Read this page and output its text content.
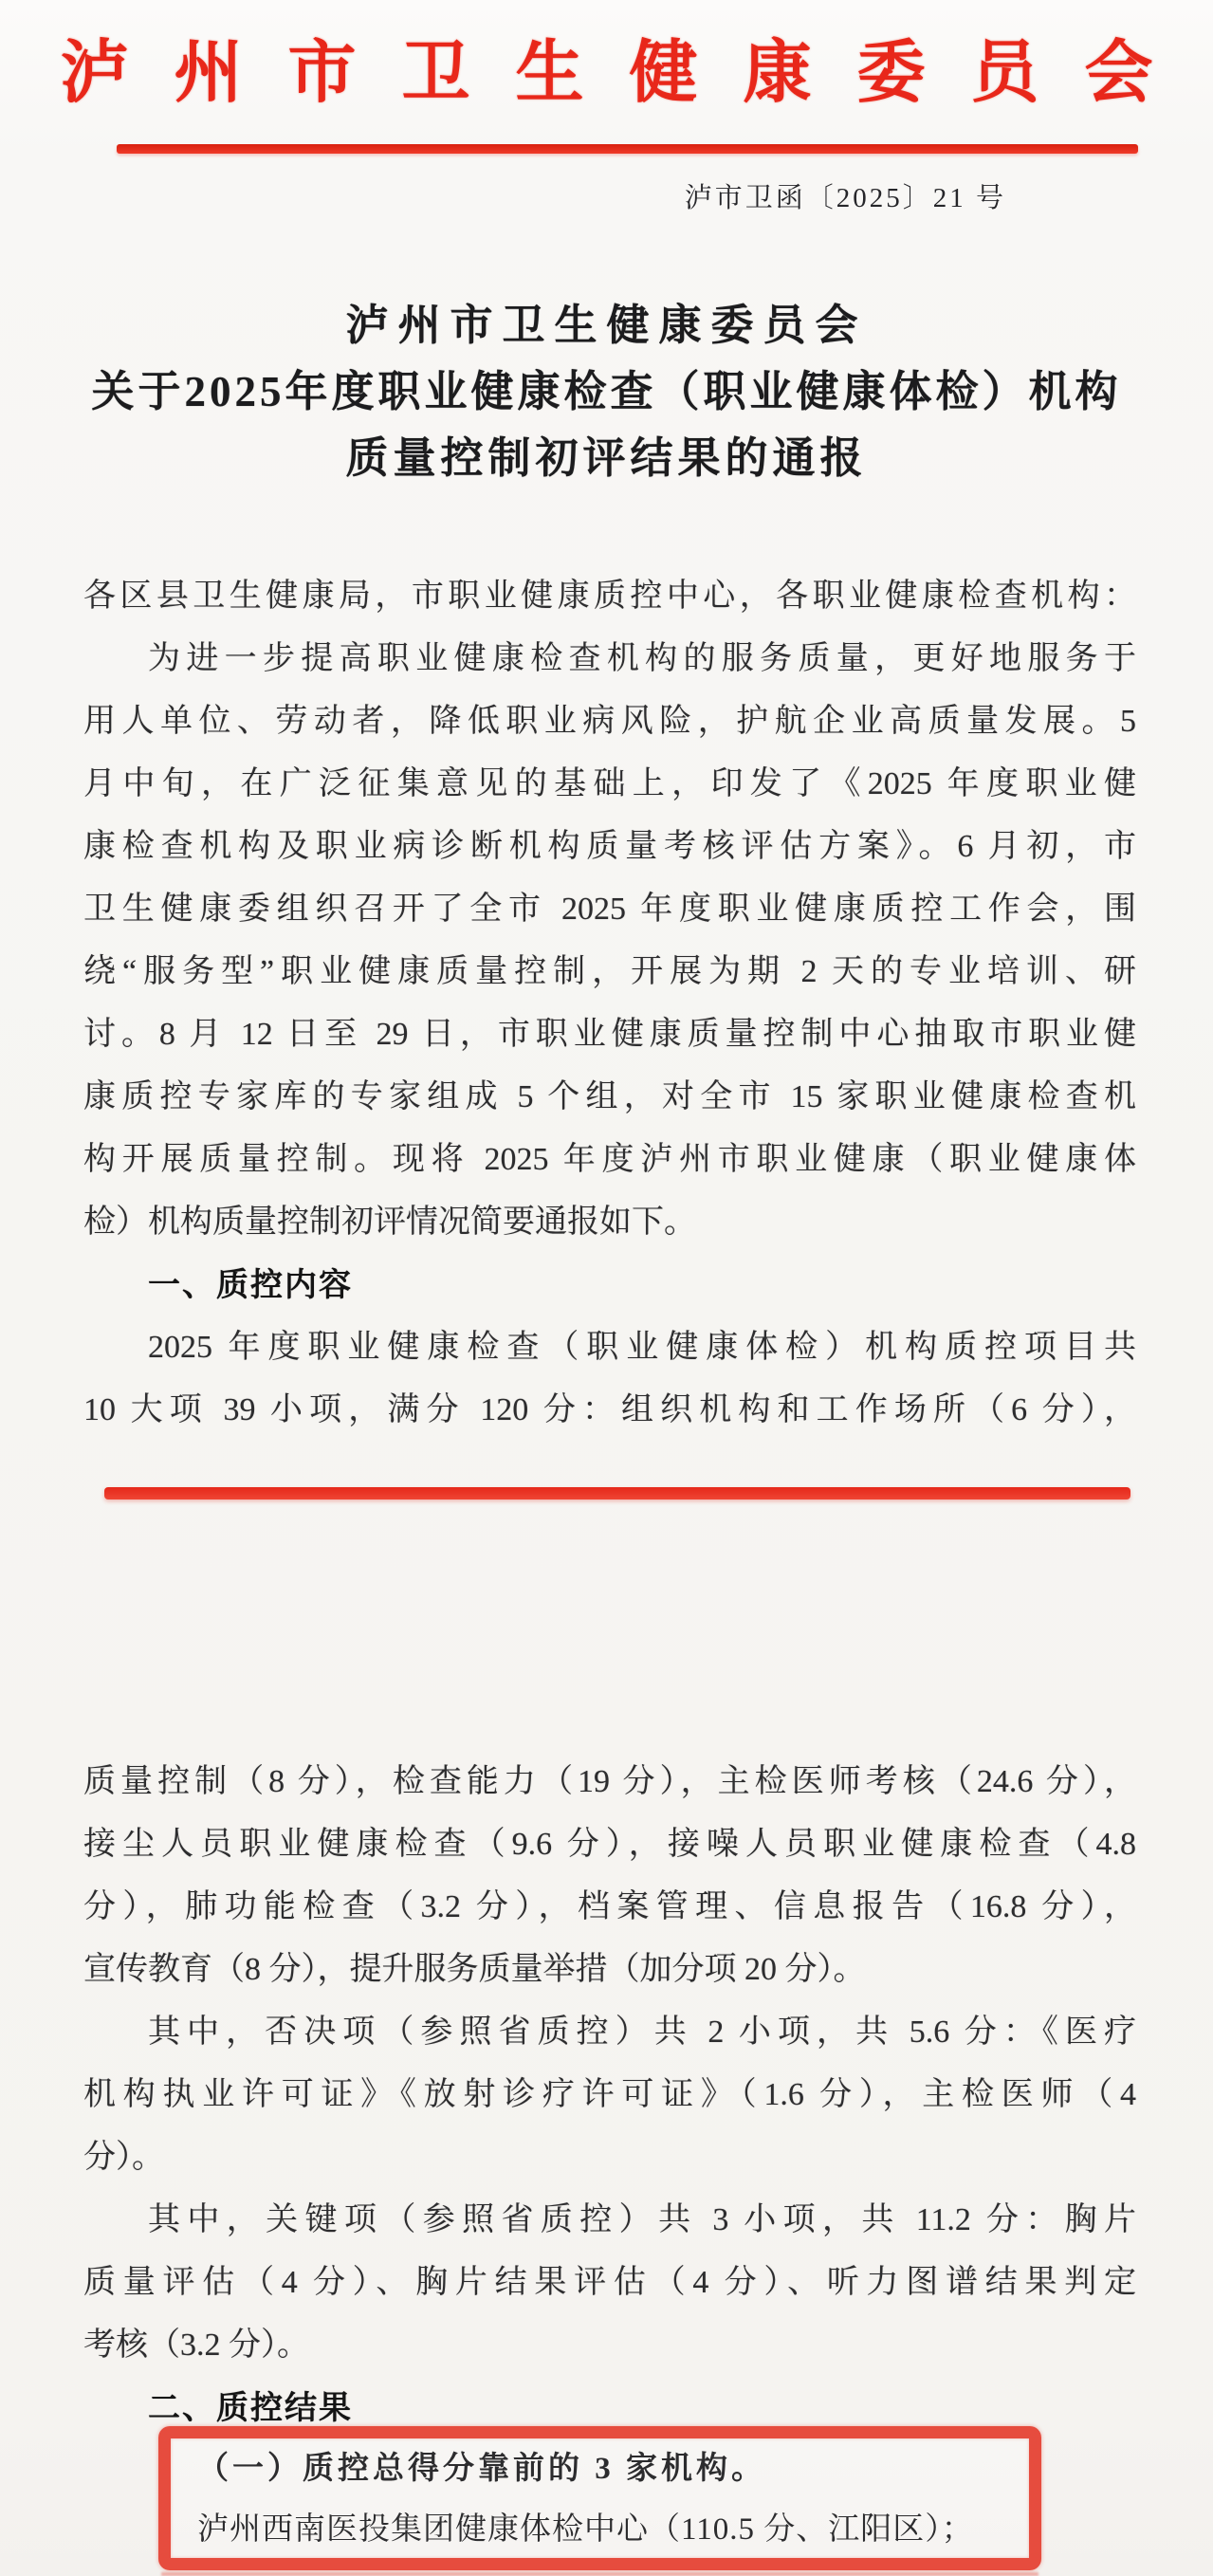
泸州市卫生健康委员会
泸市卫函〔2025〕21 号
泸州市卫生健康委员会
关于2025年度职业健康检查（职业健康体检）机构
质量控制初评结果的通报
各区县卫生健康局，市职业健康质控中心，各职业健康检查机构：
为进一步提高职业健康检查机构的服务质量，更好地服务于
用人单位、劳动者，降低职业病风险，护航企业高质量发展。5
月中旬，在广泛征集意见的基础上，印发了《2025 年度职业健
康检查机构及职业病诊断机构质量考核评估方案》。6 月初，市
卫生健康委组织召开了全市 2025 年度职业健康质控工作会，围
绕“服务型”职业健康质量控制，开展为期 2 天的专业培训、研
讨。8 月 12 日至 29 日，市职业健康质量控制中心抽取市职业健
康质控专家库的专家组成 5 个组，对全市 15 家职业健康检查机
构开展质量控制。现将 2025 年度泸州市职业健康（职业健康体
检）机构质量控制初评情况简要通报如下。
一、质控内容
2025 年度职业健康检查（职业健康体检）机构质控项目共
10 大项 39 小项，满分 120 分：组织机构和工作场所（6 分），
质量控制（8 分），检查能力（19 分），主检医师考核（24.6 分），
接尘人员职业健康检查（9.6 分），接噪人员职业健康检查（4.8
分），肺功能检查（3.2 分），档案管理、信息报告（16.8 分），
宣传教育（8 分），提升服务质量举措（加分项 20 分）。
其中，否决项（参照省质控）共 2 小项，共 5.6 分：《医疗
机构执业许可证》《放射诊疗许可证》（1.6 分），主检医师（4
分）。
其中，关键项（参照省质控）共 3 小项，共 11.2 分：胸片
质量评估（4 分）、胸片结果评估（4 分）、听力图谱结果判定
考核（3.2 分）。
二、质控结果
（一）质控总得分靠前的 3 家机构。
泸州西南医投集团健康体检中心（110.5 分、江阳区）；
